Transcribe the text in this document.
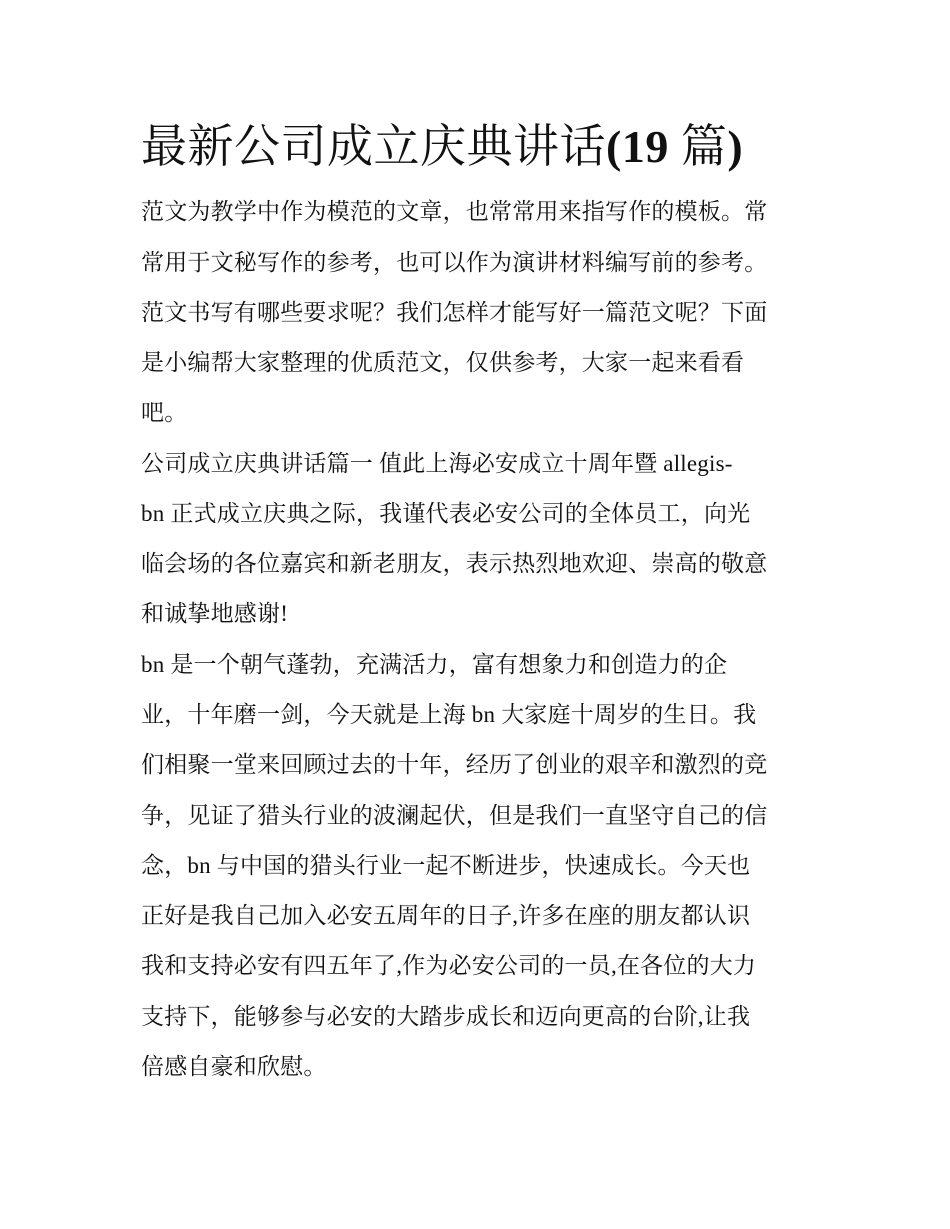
最新公司成立庆典讲话(19 篇)

范文为教学中作为模范的文章，也常常用来指写作的模板。常

常用于文秘写作的参考，也可以作为演讲材料编写前的参考。

范文书写有哪些要求呢？我们怎样才能写好一篇范文呢？下面

是小编帮大家整理的优质范文，仅供参考，大家一起来看看

吧。

公司成立庆典讲话篇一 值此上海必安成立十周年暨 allegis-

bn 正式成立庆典之际，我谨代表必安公司的全体员工，向光

临会场的各位嘉宾和新老朋友，表示热烈地欢迎、崇高的敬意

和诚挚地感谢!

bn 是一个朝气蓬勃，充满活力，富有想象力和创造力的企

业，十年磨一剑，今天就是上海 bn 大家庭十周岁的生日。我

们相聚一堂来回顾过去的十年，经历了创业的艰辛和激烈的竞

争，见证了猎头行业的波澜起伏，但是我们一直坚守自己的信

念，bn 与中国的猎头行业一起不断进步，快速成长。今天也

正好是我自己加入必安五周年的日子,许多在座的朋友都认识

我和支持必安有四五年了,作为必安公司的一员,在各位的大力

支持下，能够参与必安的大踏步成长和迈向更高的台阶,让我

倍感自豪和欣慰。
